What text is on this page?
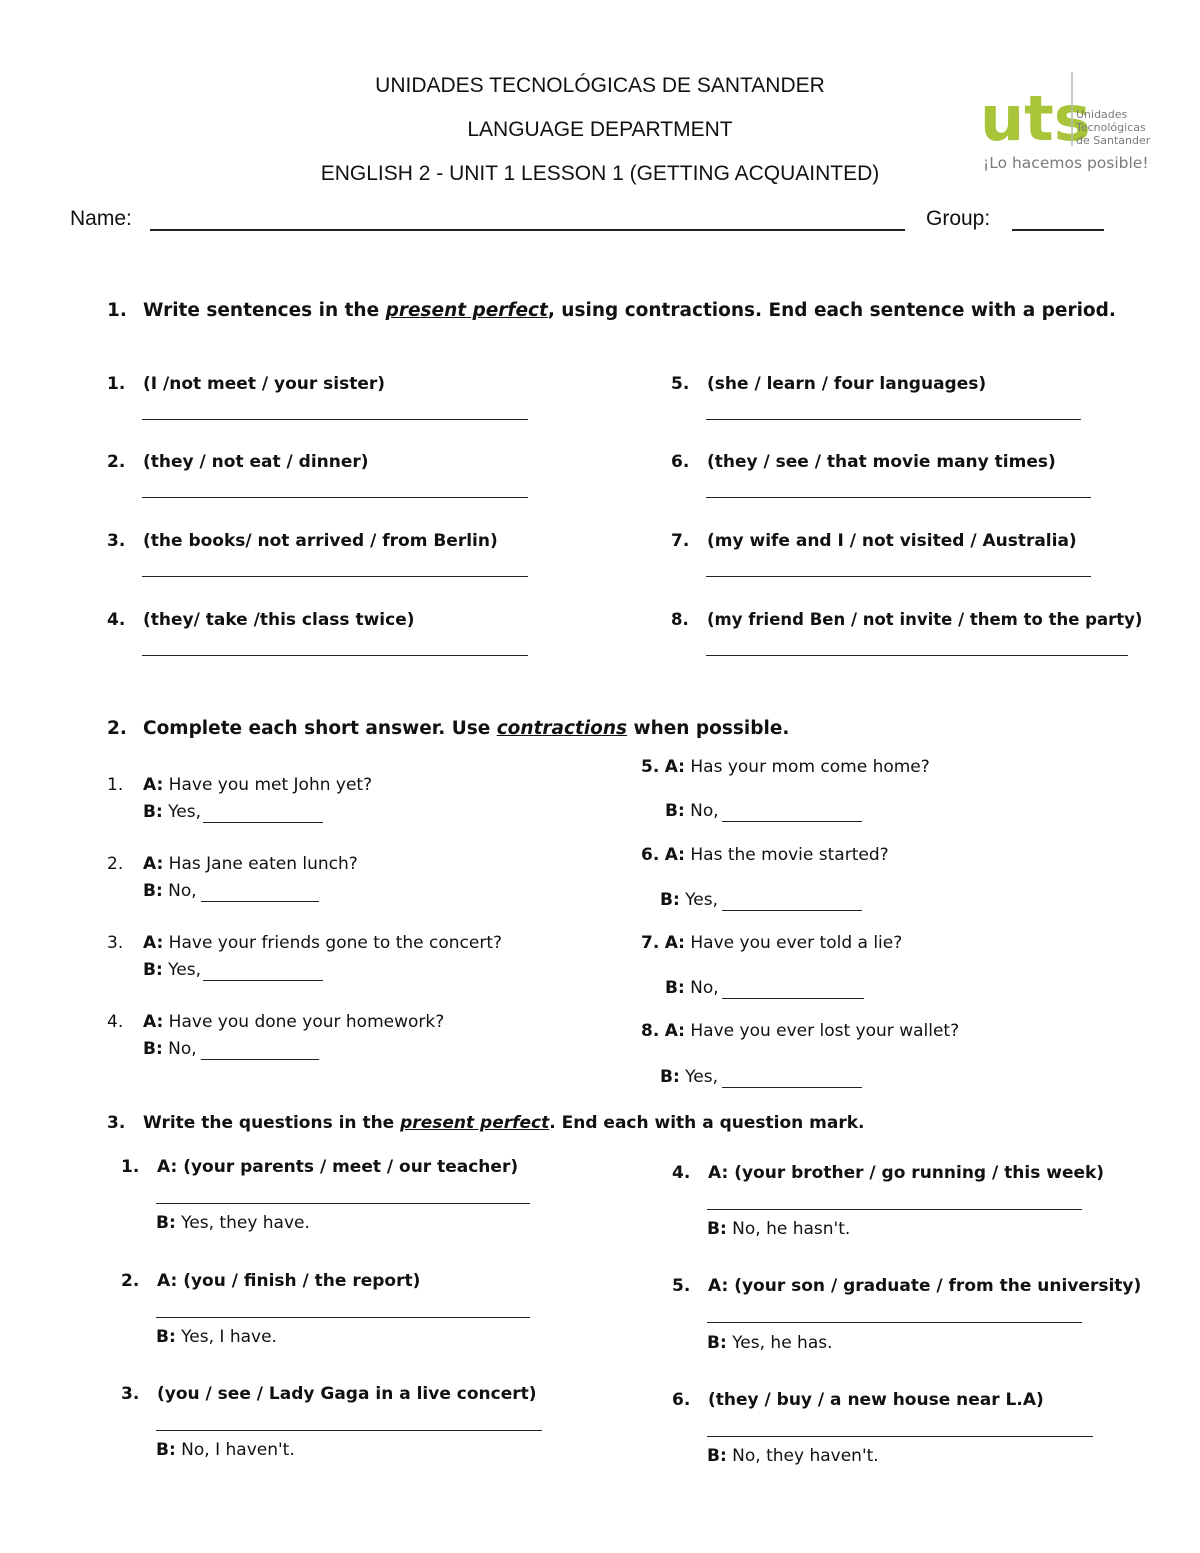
UNIDADES TECNOLÓGICAS DE SANTANDER
LANGUAGE DEPARTMENT
ENGLISH 2 - UNIT 1 LESSON 1 (GETTING ACQUAINTED)
uts
Unidades
Tecnológicas
de Santander
¡Lo hacemos posible!
Name:	Group:
1. Write sentences in the present perfect, using contractions. End each sentence with a period.
1. (I /not meet / your sister)
2. (they / not eat / dinner)
3. (the books/ not arrived / from Berlin)
4. (they/ take /this class twice)
5. (she / learn / four languages)
6. (they / see / that movie many times)
7. (my wife and I / not visited / Australia)
8. (my friend Ben / not invite / them to the party)
2. Complete each short answer. Use contractions when possible.
1. A: Have you met John yet?
B: Yes,
2. A: Has Jane eaten lunch?
B: No,
3. A: Have your friends gone to the concert?
B: Yes,
4. A: Have you done your homework?
B: No,
5. A: Has your mom come home?
B: No,
6. A: Has the movie started?
B: Yes,
7. A: Have you ever told a lie?
B: No,
8. A: Have you ever lost your wallet?
B: Yes,
3. Write the questions in the present perfect. End each with a question mark.
1. A: (your parents / meet / our teacher)
B: Yes, they have.
2. A: (you / finish / the report)
B: Yes, I have.
3. (you / see / Lady Gaga in a live concert)
B: No, I haven't.
4. A: (your brother / go running / this week)
B: No, he hasn't.
5. A: (your son / graduate / from the university)
B: Yes, he has.
6. (they / buy / a new house near L.A)
B: No, they haven't.
